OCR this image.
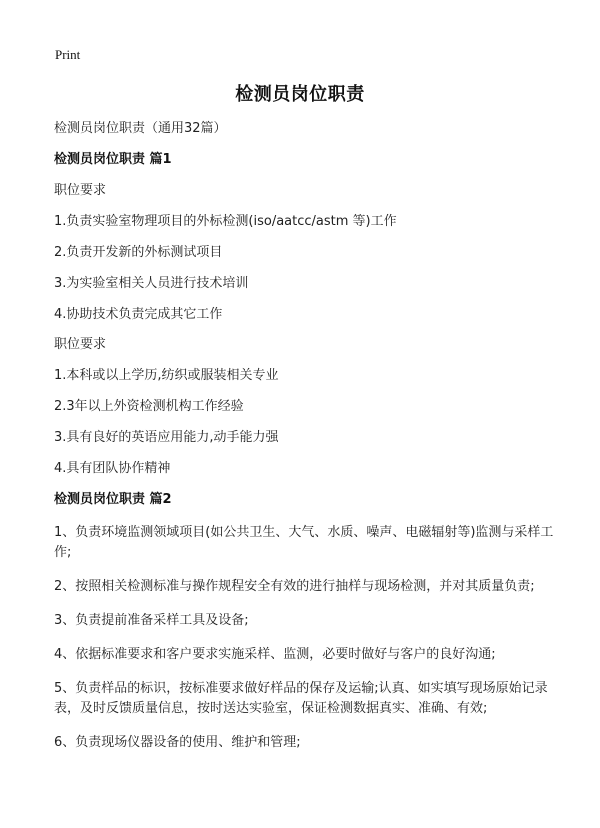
Print
检测员岗位职责
检测员岗位职责（通用32篇）
检测员岗位职责 篇1
职位要求
1.负责实验室物理项目的外标检测(iso/aatcc/astm 等)工作
2.负责开发新的外标测试项目
3.为实验室相关人员进行技术培训
4.协助技术负责完成其它工作
职位要求
1.本科或以上学历,纺织或服装相关专业
2.3年以上外资检测机构工作经验
3.具有良好的英语应用能力,动手能力强
4.具有团队协作精神
检测员岗位职责 篇2
1、负责环境监测领域项目(如公共卫生、大气、水质、噪声、电磁辐射等)监测与采样工作;
2、按照相关检测标准与操作规程安全有效的进行抽样与现场检测，并对其质量负责;
3、负责提前准备采样工具及设备;
4、依据标准要求和客户要求实施采样、监测，必要时做好与客户的良好沟通;
5、负责样品的标识，按标准要求做好样品的保存及运输;认真、如实填写现场原始记录表，及时反馈质量信息，按时送达实验室，保证检测数据真实、准确、有效;
6、负责现场仪器设备的使用、维护和管理;
